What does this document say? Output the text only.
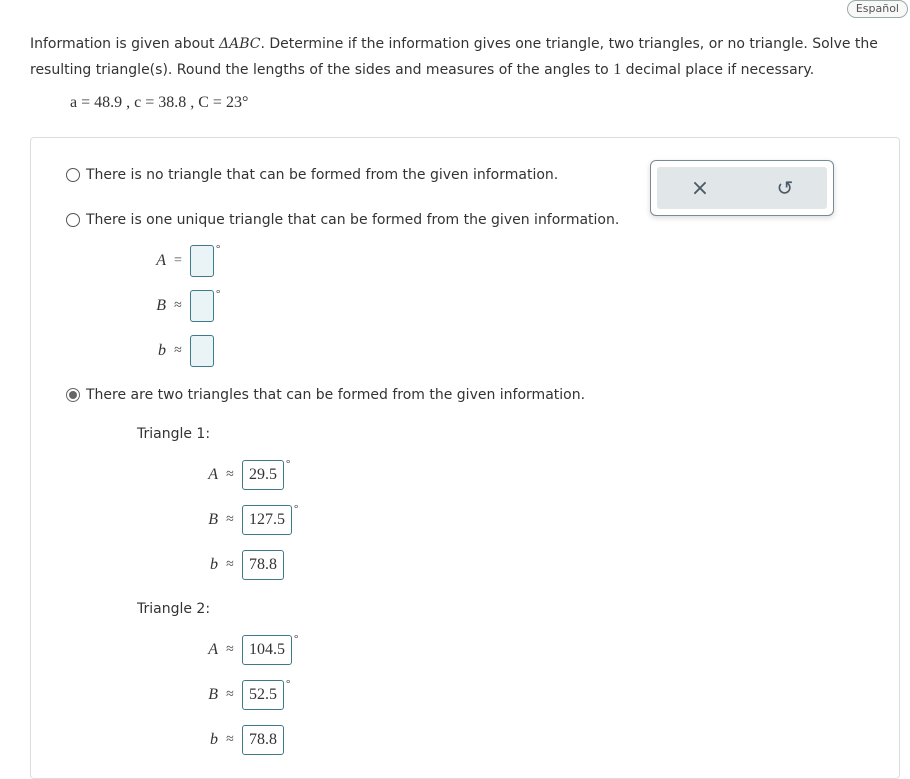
Español
Information is given about ΔABC. Determine if the information gives one triangle, two triangles, or no triangle. Solve the resulting triangle(s). Round the lengths of the sides and measures of the angles to 1 decimal place if necessary.
a = 48.9 , c = 38.8 , C = 23°
×	↺
There is no triangle that can be formed from the given information.
There is one unique triangle that can be formed from the given information.
A =
°
B ≈
°
b ≈
There are two triangles that can be formed from the given information.
Triangle 1:
A ≈ 29.5
°
B ≈ 127.5
°
b ≈ 78.8
Triangle 2:
A ≈ 104.5
°
B ≈ 52.5
°
b ≈ 78.8
